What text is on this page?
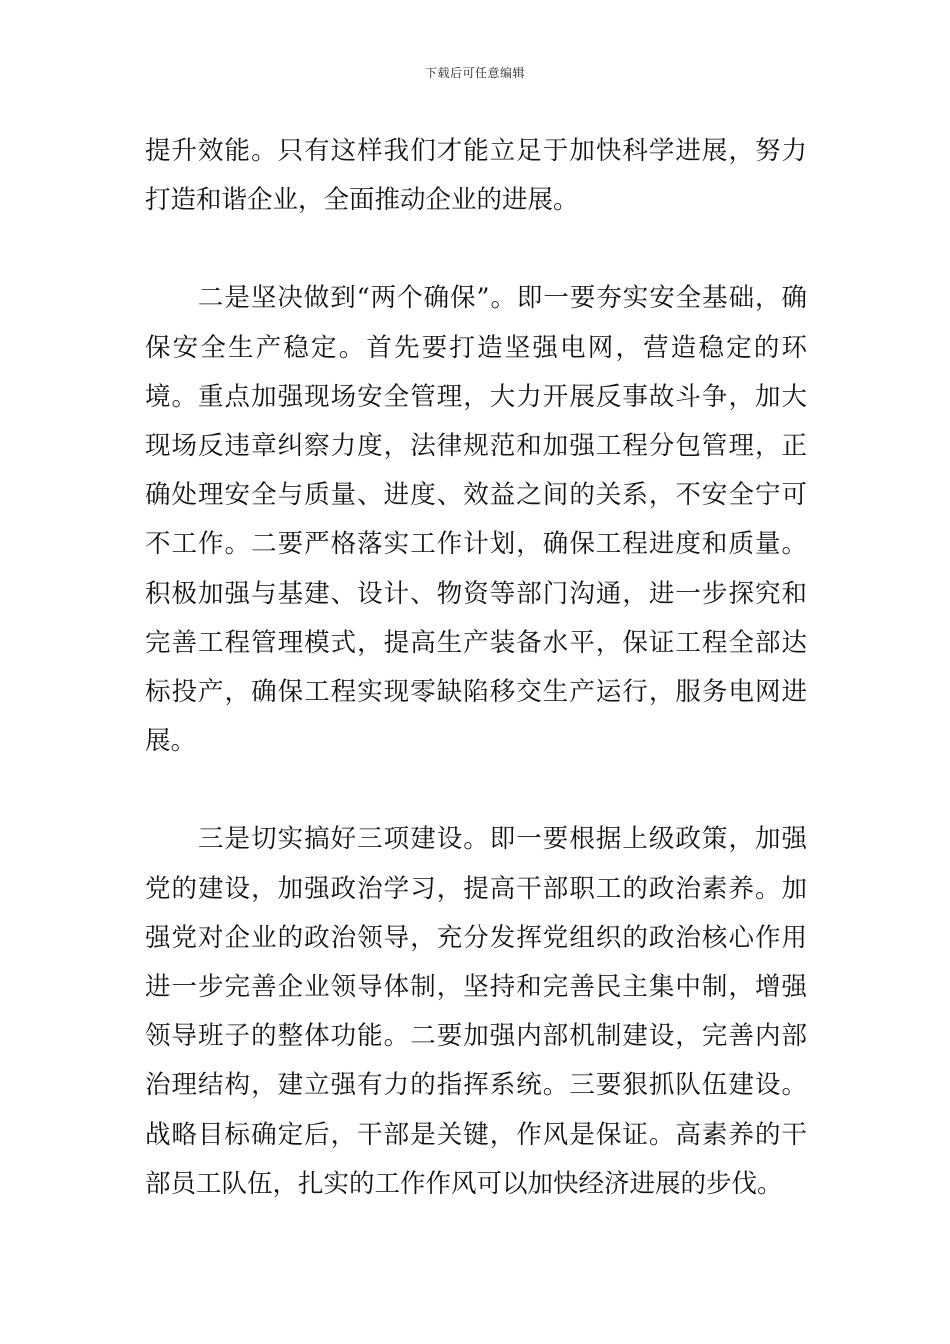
下载后可任意编辑

提升效能。只有这样我们才能立足于加快科学进展，努力打造和谐企业，全面推动企业的进展。

　　二是坚决做到“两个确保”。即一要夯实安全基础，确保安全生产稳定。首先要打造坚强电网，营造稳定的环境。重点加强现场安全管理，大力开展反事故斗争，加大现场反违章纠察力度，法律规范和加强工程分包管理，正确处理安全与质量、进度、效益之间的关系，不安全宁可不工作。二要严格落实工作计划，确保工程进度和质量。积极加强与基建、设计、物资等部门沟通，进一步探究和完善工程管理模式，提高生产装备水平，保证工程全部达标投产，确保工程实现零缺陷移交生产运行，服务电网进展。

　　三是切实搞好三项建设。即一要根据上级政策，加强党的建设，加强政治学习，提高干部职工的政治素养。加强党对企业的政治领导，充分发挥党组织的政治核心作用进一步完善企业领导体制，坚持和完善民主集中制，增强领导班子的整体功能。二要加强内部机制建设，完善内部治理结构，建立强有力的指挥系统。三要狠抓队伍建设。战略目标确定后，干部是关键，作风是保证。高素养的干部员工队伍，扎实的工作作风可以加快经济进展的步伐。
